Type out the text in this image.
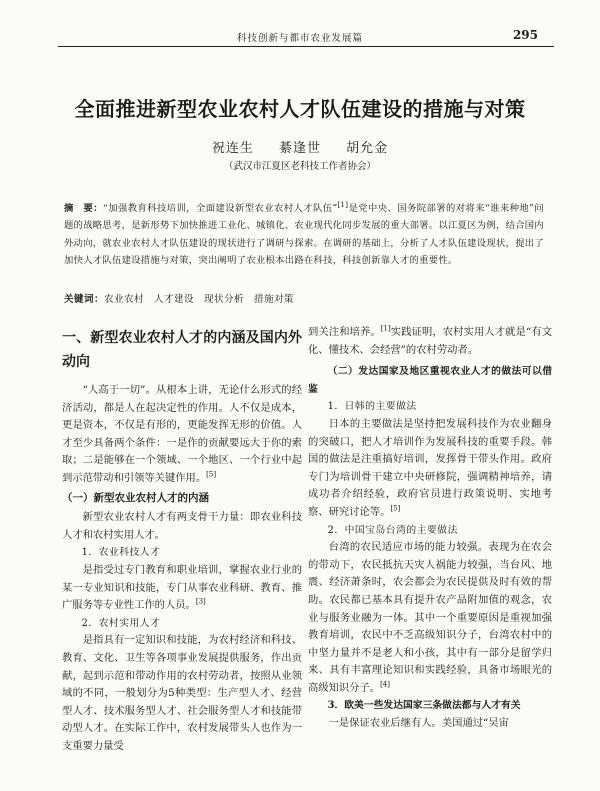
科技创新与都市农业发展篇	295
全面推进新型农业农村人才队伍建设的措施与对策
祝连生 綦逢世 胡允金
（武汉市江夏区老科技工作者协会）
摘　要：“加强教育科技培训，全面建设新型农业农村人才队伍”[1]是党中央、国务院部署的对将来“谁来种地”问题的战略思考，是新形势下加快推进工业化、城镇化、农业现代化同步发展的重大部署。以江夏区为例，结合国内外动向，就农业农村人才队伍建设的现状进行了调研与探索。在调研的基础上，分析了人才队伍建设现状，提出了加快人才队伍建设措施与对策，突出阐明了农业根本出路在科技，科技创新靠人才的重要性。
关键词：农业农村　人才建设　现状分析　措施对策

一、新型农业农村人才的内涵及国内外动向

“人高于一切”。从根本上讲，无论什么形式的经济活动，都是人在起决定性的作用。人不仅是成本，更是资本，不仅是有形的，更能发挥无形的价值。人才至少具备两个条件：一是作的贡献要远大于你的索取；二是能够在一个领域、一个地区、一个行业中起到示范带动和引领等关键作用。[5]

（一）新型农业农村人才的内涵

新型农业农村人才有两支骨干力量：即农业科技人才和农村实用人才。

1．农业科技人才

是指受过专门教育和职业培训，掌握农业行业的某一专业知识和技能，专门从事农业科研、教育、推广服务等专业性工作的人员。[3]

2．农村实用人才

是指具有一定知识和技能，为农村经济和科技、教育、文化、卫生等各项事业发展提供服务，作出贡献，起到示范和带动作用的农村劳动者，按照从业领域的不同，一般划分为5种类型：生产型人才、经营型人才、技术服务型人才、社会服务型人才和技能带动型人才。在实际工作中，农村发展带头人也作为一支重要力量受

到关注和培养。[1]实践证明，农村实用人才就是“有文化、懂技术、会经营”的农村劳动者。

（二）发达国家及地区重视农业人才的做法可以借鉴

1．日韩的主要做法

日本的主要做法是坚持把发展科技作为农业翻身的突破口，把人才培训作为发展科技的重要手段。韩国的做法是注重搞好培训，发挥骨干带头作用。政府专门为培训骨干建立中央研修院，强调精神培养，请成功者介绍经验，政府官员进行政策说明、实地考察、研究讨论等。[5]

2．中国宝岛台湾的主要做法

台湾的农民适应市场的能力较强。表现为在农会的带动下，农民抵抗天灾人祸能力较强，当台风、地震、经济萧条时，农会都会为农民提供及时有效的帮助。农民都已基本具有提升农产品附加值的观念，农业与服务业融为一体。其中一个重要原因是重视加强教育培训，农民中不乏高级知识分子，台湾农村中的中坚力量并不是老人和小孩，其中有一部分是留学归来、具有丰富理论知识和实践经验，具备市场眼光的高级知识分子。[4]

3．欧美一些发达国家三条做法都与人才有关

一是保证农业后继有人。美国通过“吴宙
